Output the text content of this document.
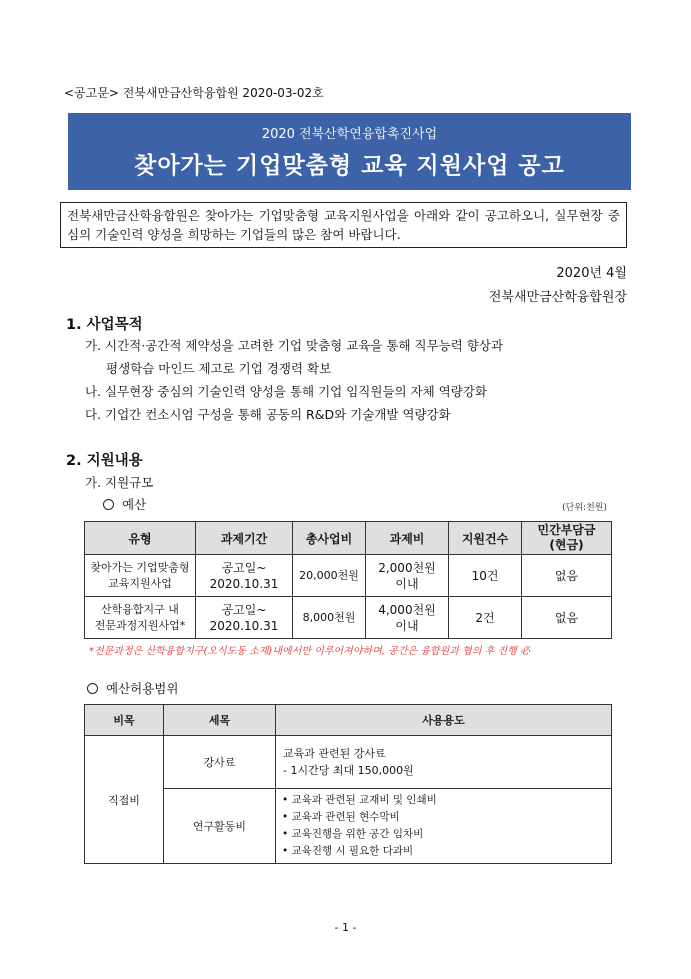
<공고문> 전북새만금산학융합원 2020-03-02호
2020 전북산학연융합촉진사업
찾아가는 기업맞춤형 교육 지원사업 공고
전북새만금산학융합원은 찾아가는 기업맞춤형 교육지원사업을 아래와 같이 공고하오니, 실무현장 중심의 기술인력 양성을 희망하는 기업들의 많은 참여 바랍니다.
2020년 4월
전북새만금산학융합원장
1. 사업목적
가. 시간적·공간적 제약성을 고려한 기업 맞춤형 교육을 통해 직무능력 향상과
평생학습 마인드 제고로 기업 경쟁력 확보
나. 실무현장 중심의 기술인력 양성을 통해 기업 임직원들의 자체 역량강화
다. 기업간 컨소시엄 구성을 통해 공동의 R&D와 기술개발 역량강화
2. 지원내용
가. 지원규모
예산	(단위:천원)
유형	과제기간	총사업비	과제비	지원건수	민간부담금
(현금)
찾아가는 기업맞춤형
교육지원사업	공고일~
2020.10.31	20,000천원	2,000천원
이내	10건	없음
산학융합지구 내
전문과정지원사업*	공고일~
2020.10.31	8,000천원	4,000천원
이내	2건	없음
*전문과정은 산학융합지구(오식도동 소재)내에서만 이루어져야하며, 공간은 융합원과 협의 후 진행 必
예산허용범위
비목	세목	사용용도
직접비	강사료	교육과 관련된 강사료
- 1시간당 최대 150,000원

	연구활동비	• 교육과 관련된 교재비 및 인쇄비
• 교육과 관련된 현수막비
• 교육진행을 위한 공간 임차비
• 교육진행 시 필요한 다과비
- 1 -
